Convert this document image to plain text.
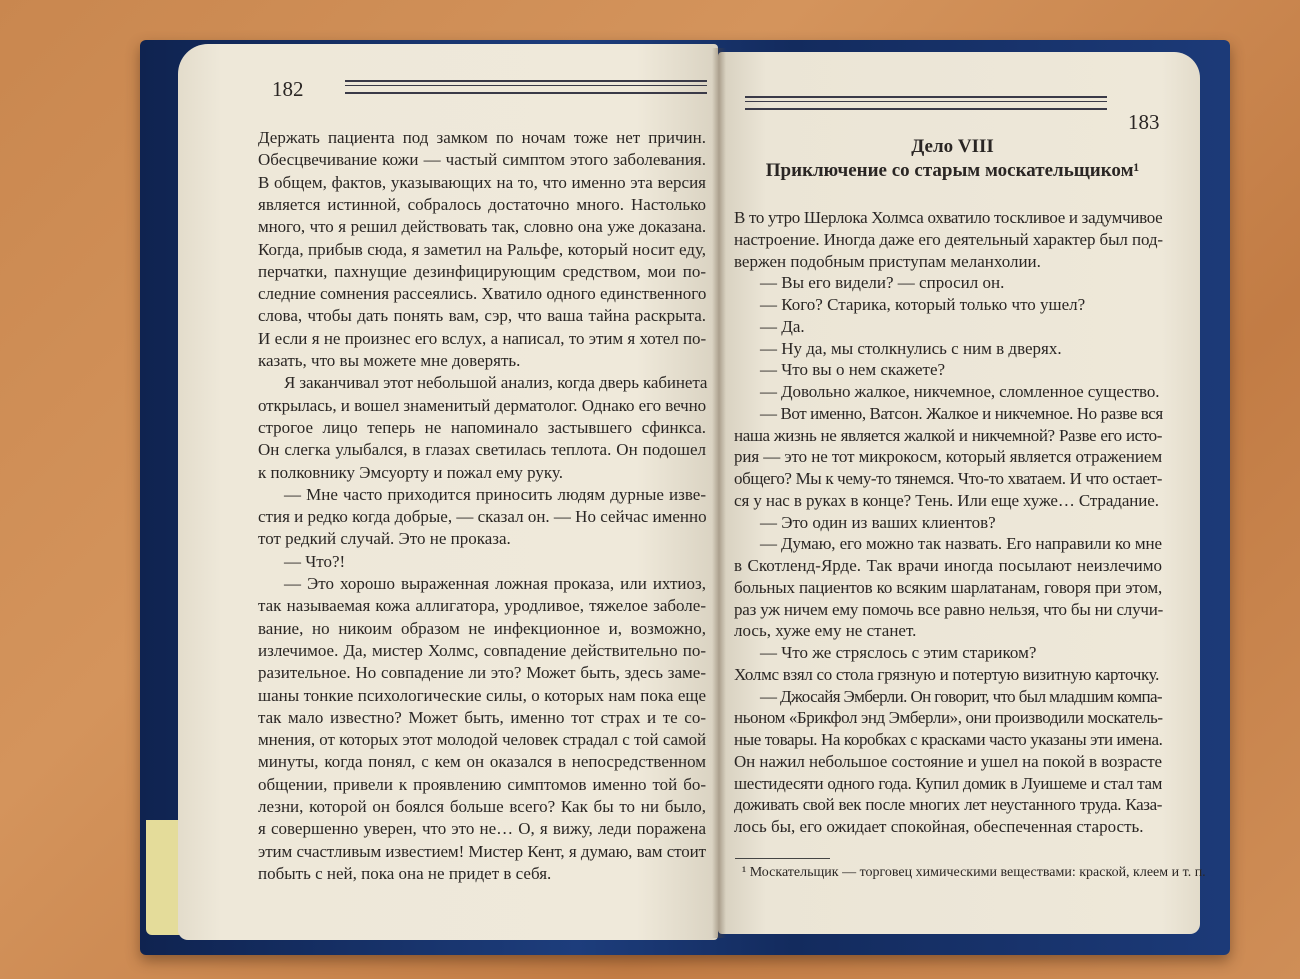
182
183
Дело VIII
Приключение со старым москательщиком¹
Держать пациента под замком по ночам тоже нет причин.
Обесцвечивание кожи — частый симптом этого заболевания.
В общем, фактов, указывающих на то, что именно эта версия
является истинной, собралось достаточно много. Настолько
много, что я решил действовать так, словно она уже доказана.
Когда, прибыв сюда, я заметил на Ральфе, который носит еду,
перчатки, пахнущие дезинфицирующим средством, мои по-
следние сомнения рассеялись. Хватило одного единственного
слова, чтобы дать понять вам, сэр, что ваша тайна раскрыта.
И если я не произнес его вслух, а написал, то этим я хотел по-
казать, что вы можете мне доверять.
Я заканчивал этот небольшой анализ, когда дверь кабинета
открылась, и вошел знаменитый дерматолог. Однако его вечно
строгое лицо теперь не напоминало застывшего сфинкса.
Он слегка улыбался, в глазах светилась теплота. Он подошел
к полковнику Эмсуорту и пожал ему руку.
— Мне часто приходится приносить людям дурные изве-
стия и редко когда добрые, — сказал он. — Но сейчас именно
тот редкий случай. Это не проказа.
— Что?!
— Это хорошо выраженная ложная проказа, или ихтиоз,
так называемая кожа аллигатора, уродливое, тяжелое заболе-
вание, но никоим образом не инфекционное и, возможно,
излечимое. Да, мистер Холмс, совпадение действительно по-
разительное. Но совпадение ли это? Может быть, здесь заме-
шаны тонкие психологические силы, о которых нам пока еще
так мало известно? Может быть, именно тот страх и те со-
мнения, от которых этот молодой человек страдал с той самой
минуты, когда понял, с кем он оказался в непосредственном
общении, привели к проявлению симптомов именно той бо-
лезни, которой он боялся больше всего? Как бы то ни было,
я совершенно уверен, что это не… О, я вижу, леди поражена
этим счастливым известием! Мистер Кент, я думаю, вам стоит
побыть с ней, пока она не придет в себя.
В то утро Шерлока Холмса охватило тоскливое и задумчивое
настроение. Иногда даже его деятельный характер был под-
вержен подобным приступам меланхолии.
— Вы его видели? — спросил он.
— Кого? Старика, который только что ушел?
— Да.
— Ну да, мы столкнулись с ним в дверях.
— Что вы о нем скажете?
— Довольно жалкое, никчемное, сломленное существо.
— Вот именно, Ватсон. Жалкое и никчемное. Но разве вся
наша жизнь не является жалкой и никчемной? Разве его исто-
рия — это не тот микрокосм, который является отражением
общего? Мы к чему-то тянемся. Что-то хватаем. И что остает-
ся у нас в руках в конце? Тень. Или еще хуже… Страдание.
— Это один из ваших клиентов?
— Думаю, его можно так назвать. Его направили ко мне
в Скотленд-Ярде. Так врачи иногда посылают неизлечимо
больных пациентов ко всяким шарлатанам, говоря при этом,
раз уж ничем ему помочь все равно нельзя, что бы ни случи-
лось, хуже ему не станет.
— Что же стряслось с этим стариком?
Холмс взял со стола грязную и потертую визитную карточку.
— Джосайя Эмберли. Он говорит, что был младшим компа-
ньоном «Брикфол энд Эмберли», они производили москатель-
ные товары. На коробках с красками часто указаны эти имена.
Он нажил небольшое состояние и ушел на покой в возрасте
шестидесяти одного года. Купил домик в Луишеме и стал там
доживать свой век после многих лет неустанного труда. Каза-
лось бы, его ожидает спокойная, обеспеченная старость.
¹ Москательщик — торговец химическими веществами: краской, клеем и т. п.
